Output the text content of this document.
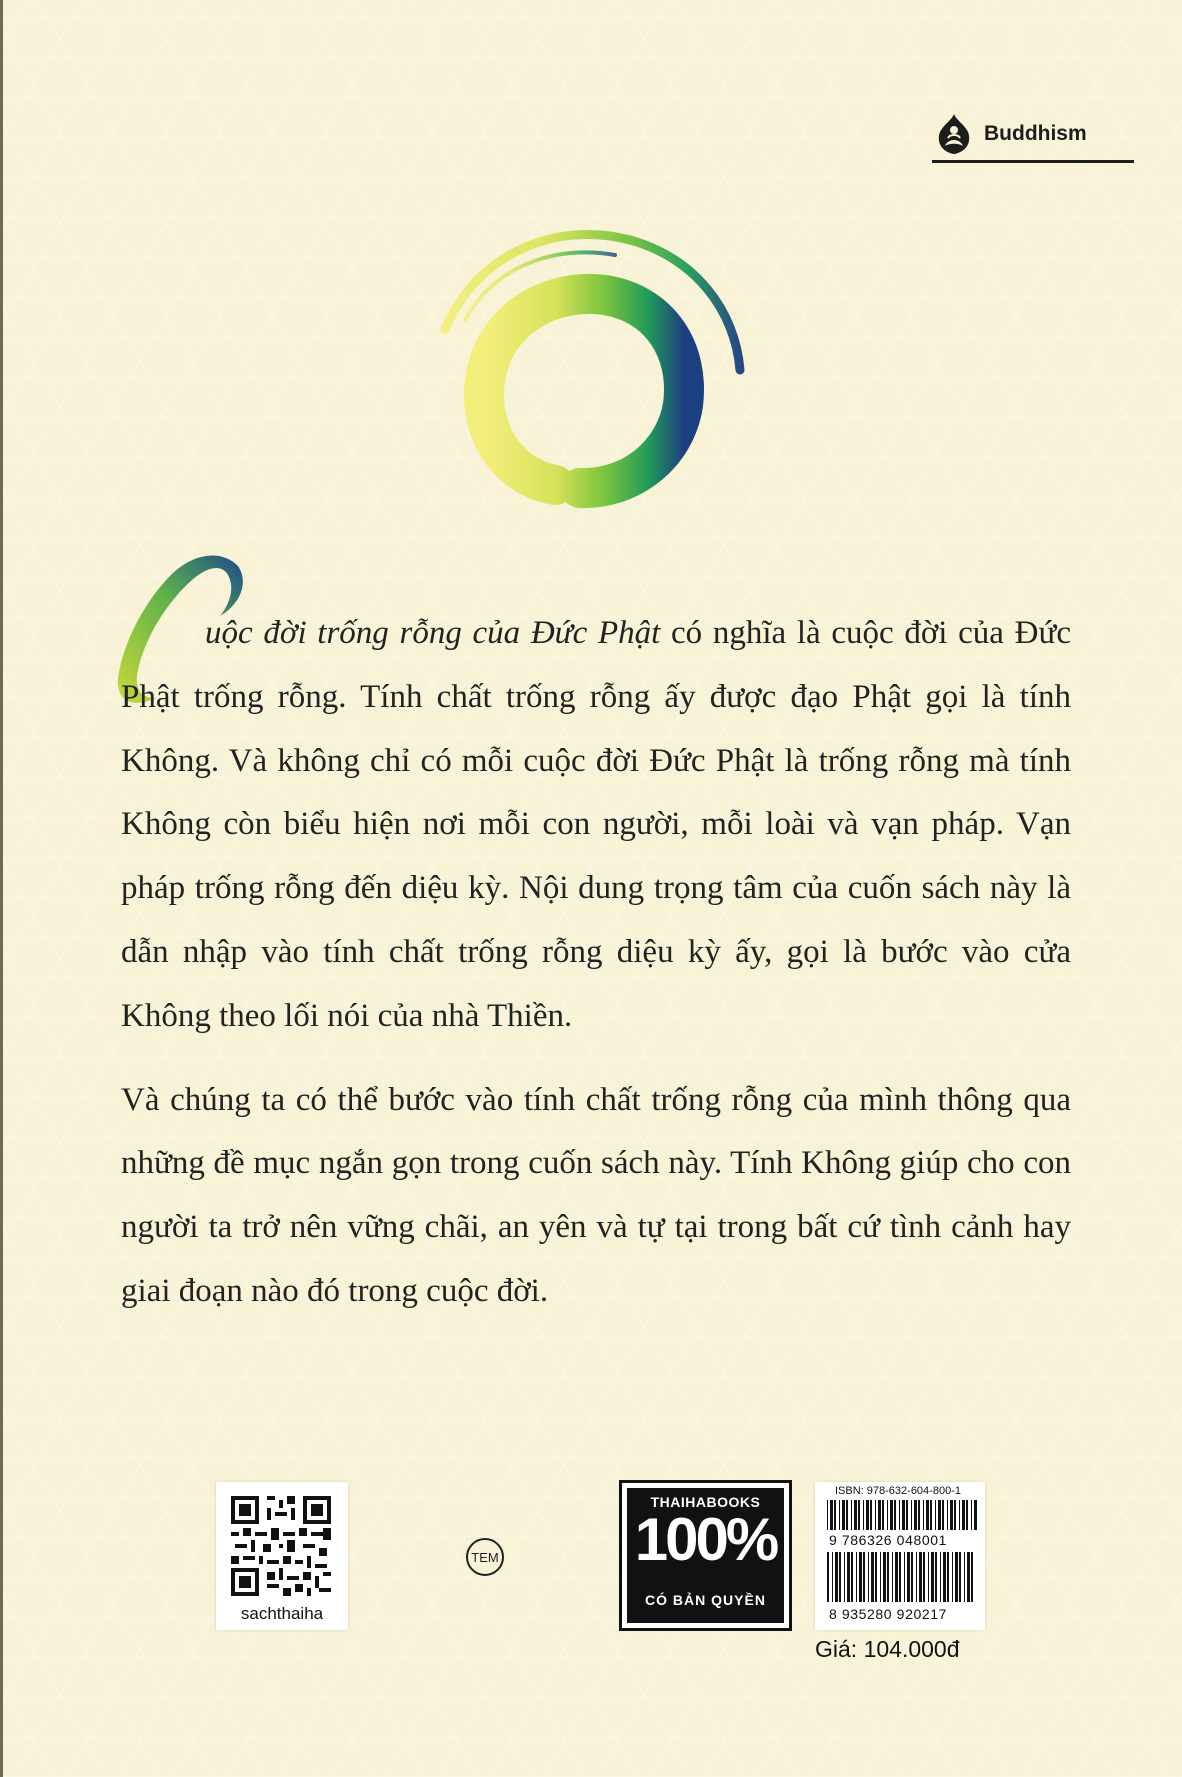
Buddhism
C

uộc đời trống rỗng của Đức Phật có nghĩa là cuộc đời của Đức Phật trống rỗng. Tính chất trống rỗng ấy được đạo Phật gọi là tính Không. Và không chỉ có mỗi cuộc đời Đức Phật là trống rỗng mà tính Không còn biểu hiện nơi mỗi con người, mỗi loài và vạn pháp. Vạn pháp trống rỗng đến diệu kỳ. Nội dung trọng tâm của cuốn sách này là dẫn nhập vào tính chất trống rỗng diệu kỳ ấy, gọi là bước vào cửa Không theo lối nói của nhà Thiền.

Và chúng ta có thể bước vào tính chất trống rỗng của mình thông qua những đề mục ngắn gọn trong cuốn sách này. Tính Không giúp cho con người ta trở nên vững chãi, an yên và tự tại trong bất cứ tình cảnh hay giai đoạn nào đó trong cuộc đời.

sachthaiha
TEM
THAIHABOOKS
100%
CÓ BẢN QUYỀN
ISBN: 978-632-604-800-1
9 786326 048001
8 935280 920217
Giá: 104.000đ
